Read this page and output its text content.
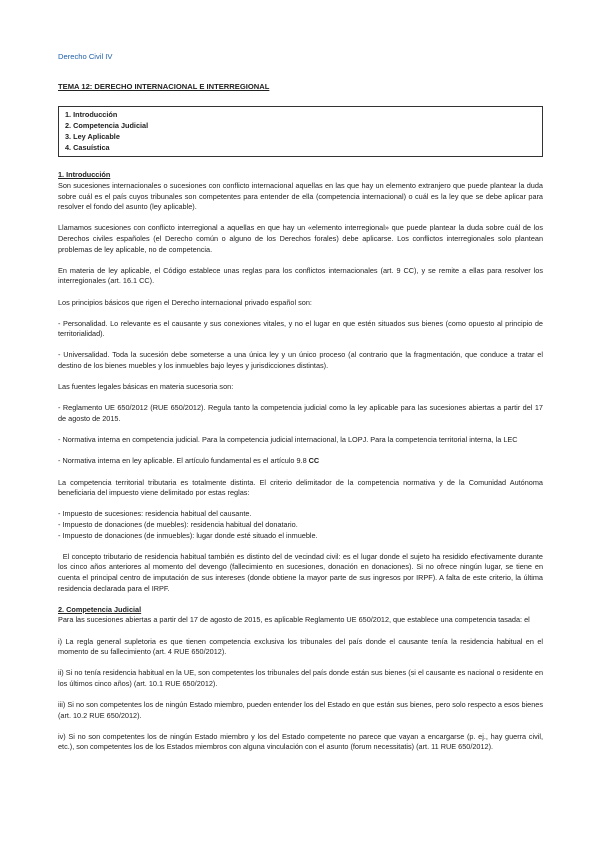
Derecho Civil IV
TEMA 12: DERECHO INTERNACIONAL E INTERREGIONAL
1. Introducción
2. Competencia Judicial
3. Ley Aplicable
4. Casuística
1. Introducción

Son sucesiones internacionales o sucesiones con conflicto internacional aquellas en las que hay un elemento extranjero que puede plantear la duda sobre cuál es el país cuyos tribunales son competentes para entender de ella (competencia internacional) o cuál es la ley que se debe aplicar para resolver el fondo del asunto (ley aplicable).

Llamamos sucesiones con conflicto interregional a aquellas en que hay un «elemento interregional» que puede plantear la duda sobre cuál de los Derechos civiles españoles (el Derecho común o alguno de los Derechos forales) debe aplicarse. Los conflictos interregionales solo plantean problemas de ley aplicable, no de competencia.

En materia de ley aplicable, el Código establece unas reglas para los conflictos internacionales (art. 9 CC), y se remite a ellas para resolver los interregionales (art. 16.1 CC).

Los principios básicos que rigen el Derecho internacional privado español son:

- Personalidad. Lo relevante es el causante y sus conexiones vitales, y no el lugar en que estén situados sus bienes (como opuesto al principio de territorialidad).

- Universalidad. Toda la sucesión debe someterse a una única ley y un único proceso (al contrario que la fragmentación, que conduce a tratar el destino de los bienes muebles y los inmuebles bajo leyes y jurisdicciones distintas).

Las fuentes legales básicas en materia sucesoria son:

- Reglamento UE 650/2012 (RUE 650/2012). Regula tanto la competencia judicial como la ley aplicable para las sucesiones abiertas a partir del 17 de agosto de 2015.

- Normativa interna en competencia judicial. Para la competencia judicial internacional, la LOPJ. Para la competencia territorial interna, la LEC

- Normativa interna en ley aplicable. El artículo fundamental es el artículo 9.8 CC

La competencia territorial tributaria es totalmente distinta. El criterio delimitador de la competencia normativa y de la Comunidad Autónoma beneficiaria del impuesto viene delimitado por estas reglas:

- Impuesto de sucesiones: residencia habitual del causante.
- Impuesto de donaciones (de muebles): residencia habitual del donatario.
- Impuesto de donaciones (de inmuebles): lugar donde esté situado el inmueble.

El concepto tributario de residencia habitual también es distinto del de vecindad civil: es el lugar donde el sujeto ha residido efectivamente durante los cinco años anteriores al momento del devengo (fallecimiento en sucesiones, donación en donaciones). Si no ofrece ningún lugar, se tiene en cuenta el principal centro de imputación de sus intereses (donde obtiene la mayor parte de sus ingresos por IRPF). A falta de este criterio, la última residencia declarada para el IRPF.

2. Competencia Judicial

Para las sucesiones abiertas a partir del 17 de agosto de 2015, es aplicable Reglamento UE 650/2012, que establece una competencia tasada: el

i) La regla general supletoria es que tienen competencia exclusiva los tribunales del país donde el causante tenía la residencia habitual en el momento de su fallecimiento (art. 4 RUE 650/2012).

ii) Si no tenía residencia habitual en la UE, son competentes los tribunales del país donde están sus bienes (si el causante es nacional o residente en los últimos cinco años) (art. 10.1 RUE 650/2012).

iii) Si no son competentes los de ningún Estado miembro, pueden entender los del Estado en que están sus bienes, pero solo respecto a esos bienes (art. 10.2 RUE 650/2012).

iv) Si no son competentes los de ningún Estado miembro y los del Estado competente no parece que vayan a encargarse (p. ej., hay guerra civil, etc.), son competentes los de los Estados miembros con alguna vinculación con el asunto (forum necessitatis) (art. 11 RUE 650/2012).
